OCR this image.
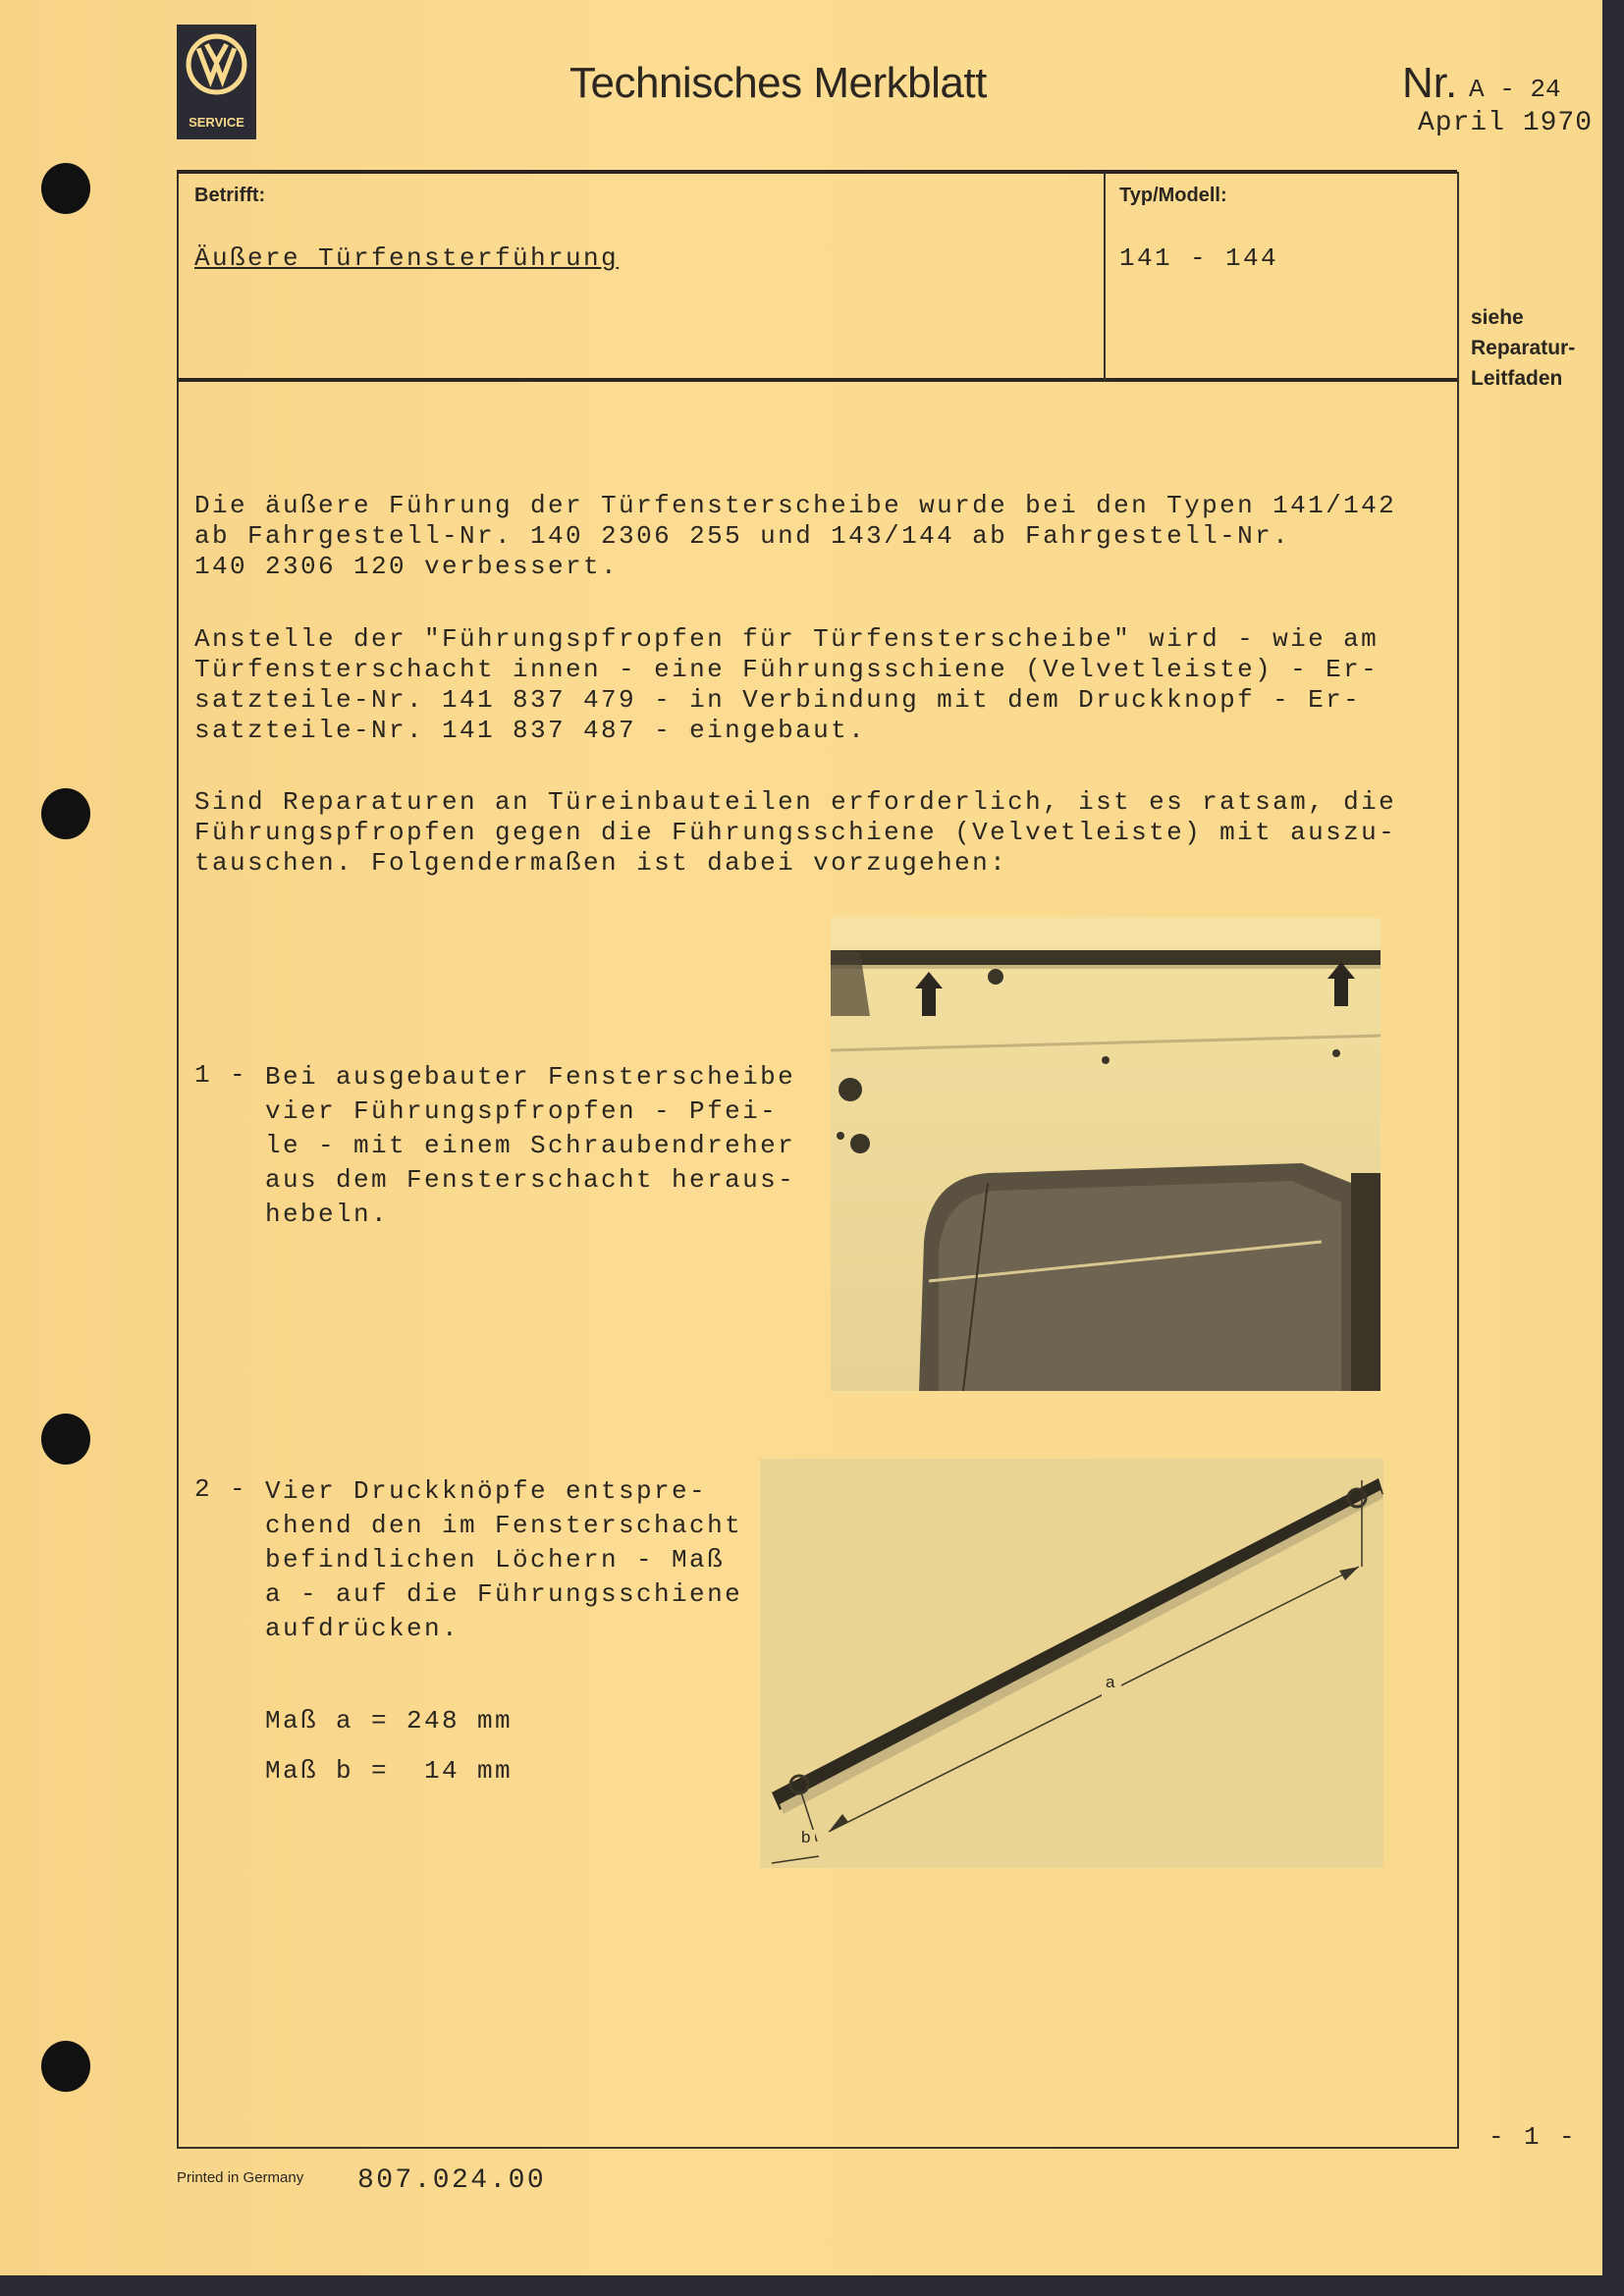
SERVICE
Technisches Merkblatt	Nr. A - 24
April 1970
Betrifft:
Äußere Türfensterführung
Typ/Modell:
141 - 144
siehe
Reparatur-
Leitfaden
Die äußere Führung der Türfensterscheibe wurde bei den Typen 141/142
ab Fahrgestell-Nr. 140 2306 255 und 143/144 ab Fahrgestell-Nr.
140 2306 120 verbessert.
Anstelle der "Führungspfropfen für Türfensterscheibe" wird - wie am
Türfensterschacht innen - eine Führungsschiene (Velvetleiste) - Er-
satzteile-Nr. 141 837 479 - in Verbindung mit dem Druckknopf - Er-
satzteile-Nr. 141 837 487 - eingebaut.
Sind Reparaturen an Türeinbauteilen erforderlich, ist es ratsam, die
Führungspfropfen gegen die Führungsschiene (Velvetleiste) mit auszu-
tauschen. Folgendermaßen ist dabei vorzugehen:
1 - Bei ausgebauter Fensterscheibe
vier Führungspfropfen - Pfei-
le - mit einem Schraubendreher
aus dem Fensterschacht heraus-
hebeln.
2 - Vier Druckknöpfe entspre-
chend den im Fensterschacht
befindlichen Löchern - Maß
a - auf die Führungsschiene
aufdrücken.
Maß a = 248 mm
Maß b =  14 mm
a
b
- 1 -
Printed in Germany 807.024.00
